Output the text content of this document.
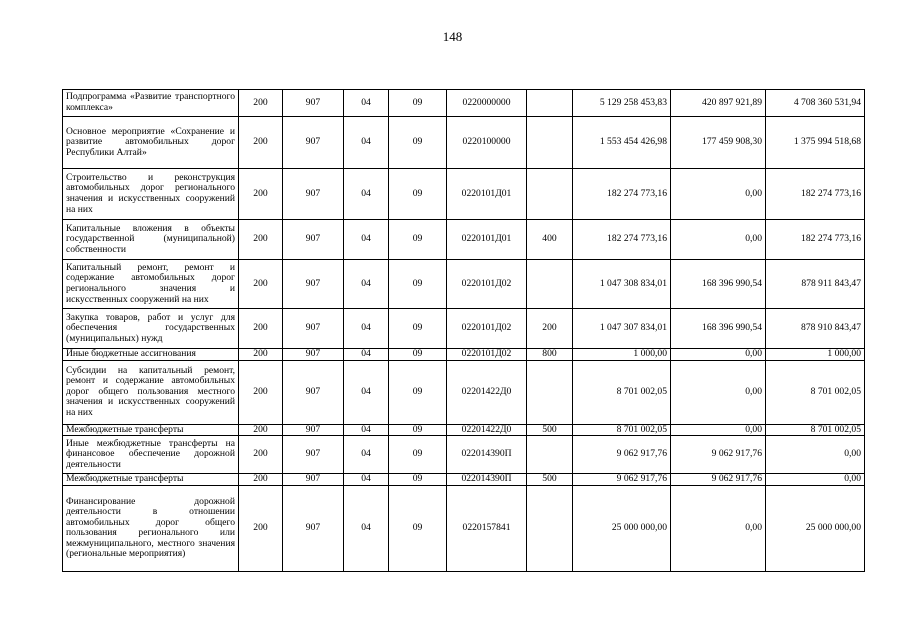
148
Подпрограмма «Развитие транспортного комплекса»	200	907	04	09	0220000000		5 129 258 453,83	420 897 921,89	4 708 360 531,94
Основное мероприятие «Сохранение и развитие автомобильных дорог Республики Алтай»	200	907	04	09	0220100000		1 553 454 426,98	177 459 908,30	1 375 994 518,68
Строительство и реконструкция автомобильных дорог регионального значения и искусственных сооружений на них	200	907	04	09	0220101Д01		182 274 773,16	0,00	182 274 773,16
Капитальные вложения в объекты государственной (муниципальной) собственности	200	907	04	09	0220101Д01	400	182 274 773,16	0,00	182 274 773,16
Капитальный ремонт, ремонт и содержание автомобильных дорог регионального значения и искусственных сооружений на них	200	907	04	09	0220101Д02		1 047 308 834,01	168 396 990,54	878 911 843,47
Закупка товаров, работ и услуг для обеспечения государственных (муниципальных) нужд	200	907	04	09	0220101Д02	200	1 047 307 834,01	168 396 990,54	878 910 843,47
Иные бюджетные ассигнования	200	907	04	09	0220101Д02	800	1 000,00	0,00	1 000,00
Субсидии на капитальный ремонт, ремонт и содержание автомобильных дорог общего пользования местного значения и искусственных сооружений на них	200	907	04	09	02201422Д0		8 701 002,05	0,00	8 701 002,05
Межбюджетные трансферты	200	907	04	09	02201422Д0	500	8 701 002,05	0,00	8 701 002,05
Иные межбюджетные трансферты на финансовое обеспечение дорожной деятельности	200	907	04	09	022014390П		9 062 917,76	9 062 917,76	0,00
Межбюджетные трансферты	200	907	04	09	022014390П	500	9 062 917,76	9 062 917,76	0,00
Финансирование дорожной деятельности в отношении автомобильных дорог общего пользования регионального или межмуниципального, местного значения (региональные мероприятия)	200	907	04	09	0220157841		25 000 000,00	0,00	25 000 000,00
